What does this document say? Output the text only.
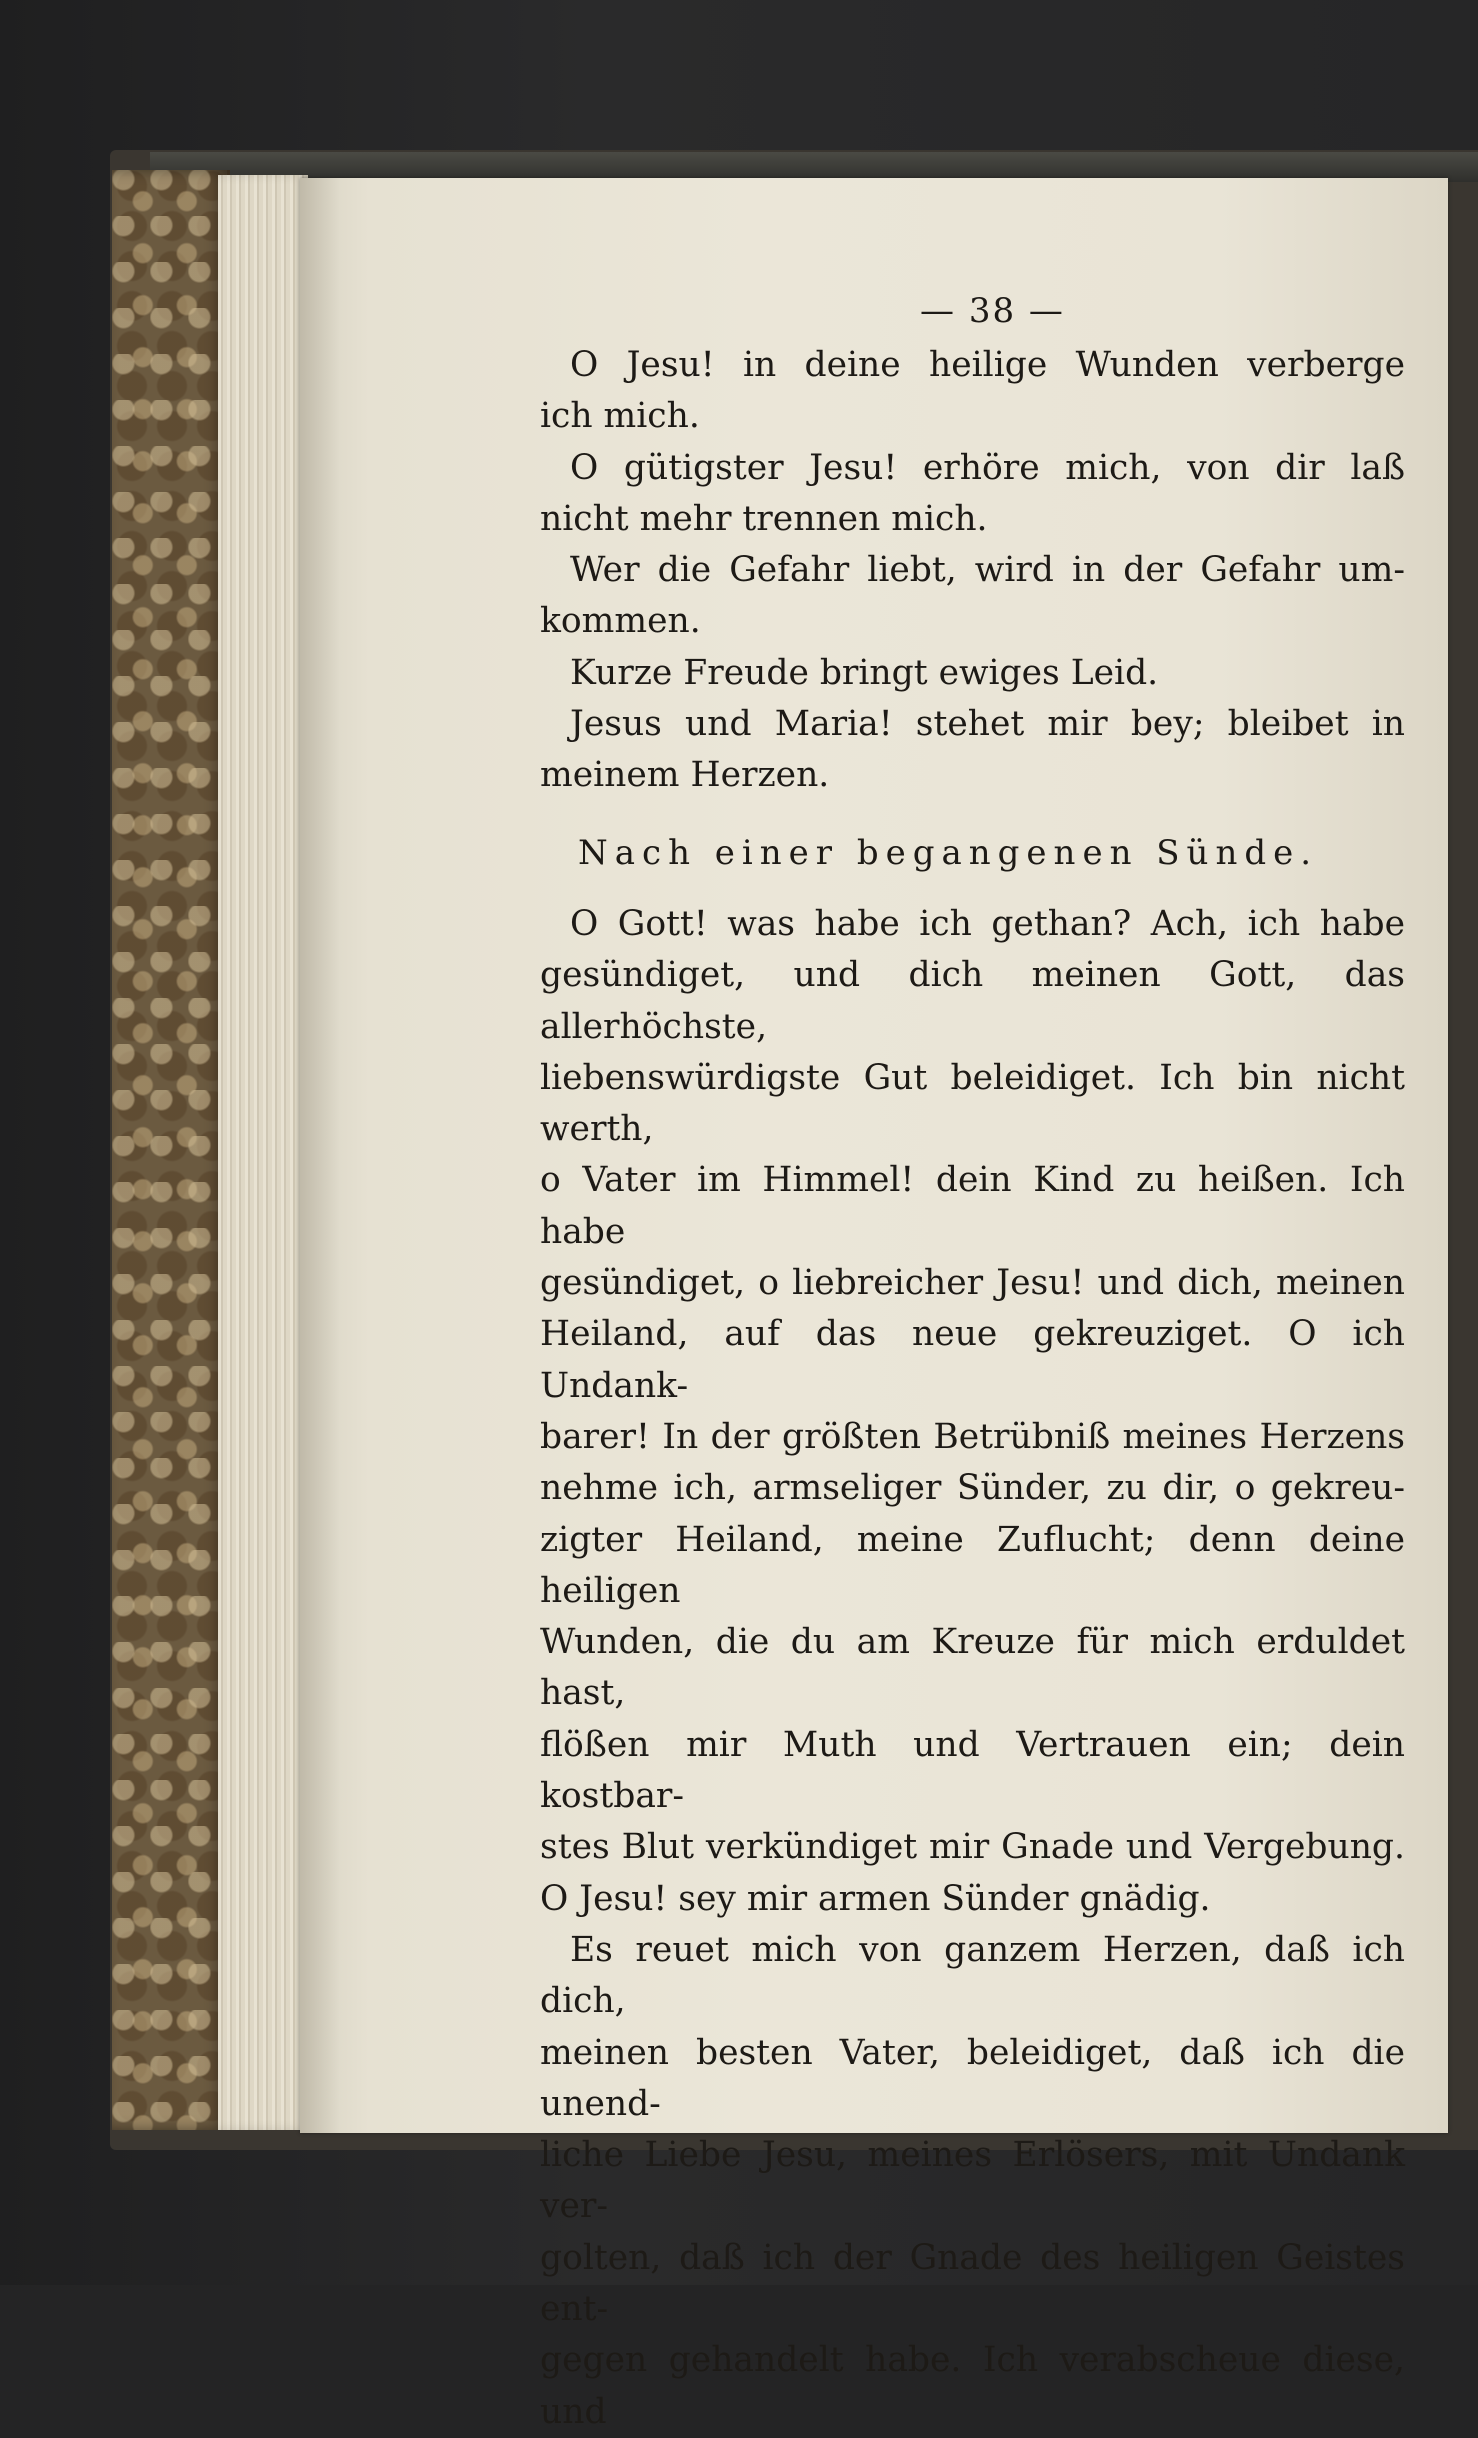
— 38 —

O Jesu! in deine heilige Wunden verberge
ich mich.

O gütigster Jesu! erhöre mich, von dir laß
nicht mehr trennen mich.

Wer die Gefahr liebt, wird in der Gefahr um-
kommen.

Kurze Freude bringt ewiges Leid.

Jesus und Maria! stehet mir bey; bleibet in
meinem Herzen.

Nach einer begangenen Sünde.

O Gott! was habe ich gethan? Ach, ich habe
gesündiget, und dich meinen Gott, das allerhöchste,
liebenswürdigste Gut beleidiget. Ich bin nicht werth,
o Vater im Himmel! dein Kind zu heißen. Ich habe
gesündiget, o liebreicher Jesu! und dich, meinen
Heiland, auf das neue gekreuziget. O ich Undank-
barer! In der größten Betrübniß meines Herzens
nehme ich, armseliger Sünder, zu dir, o gekreu-
zigter Heiland, meine Zuflucht; denn deine heiligen
Wunden, die du am Kreuze für mich erduldet hast,
flößen mir Muth und Vertrauen ein; dein kostbar-
stes Blut verkündiget mir Gnade und Vergebung.
O Jesu! sey mir armen Sünder gnädig.

Es reuet mich von ganzem Herzen, daß ich dich,
meinen besten Vater, beleidiget, daß ich die unend-
liche Liebe Jesu, meines Erlösers, mit Undank ver-
golten, daß ich der Gnade des heiligen Geistes ent-
gegen gehandelt habe. Ich verabscheue diese, und
